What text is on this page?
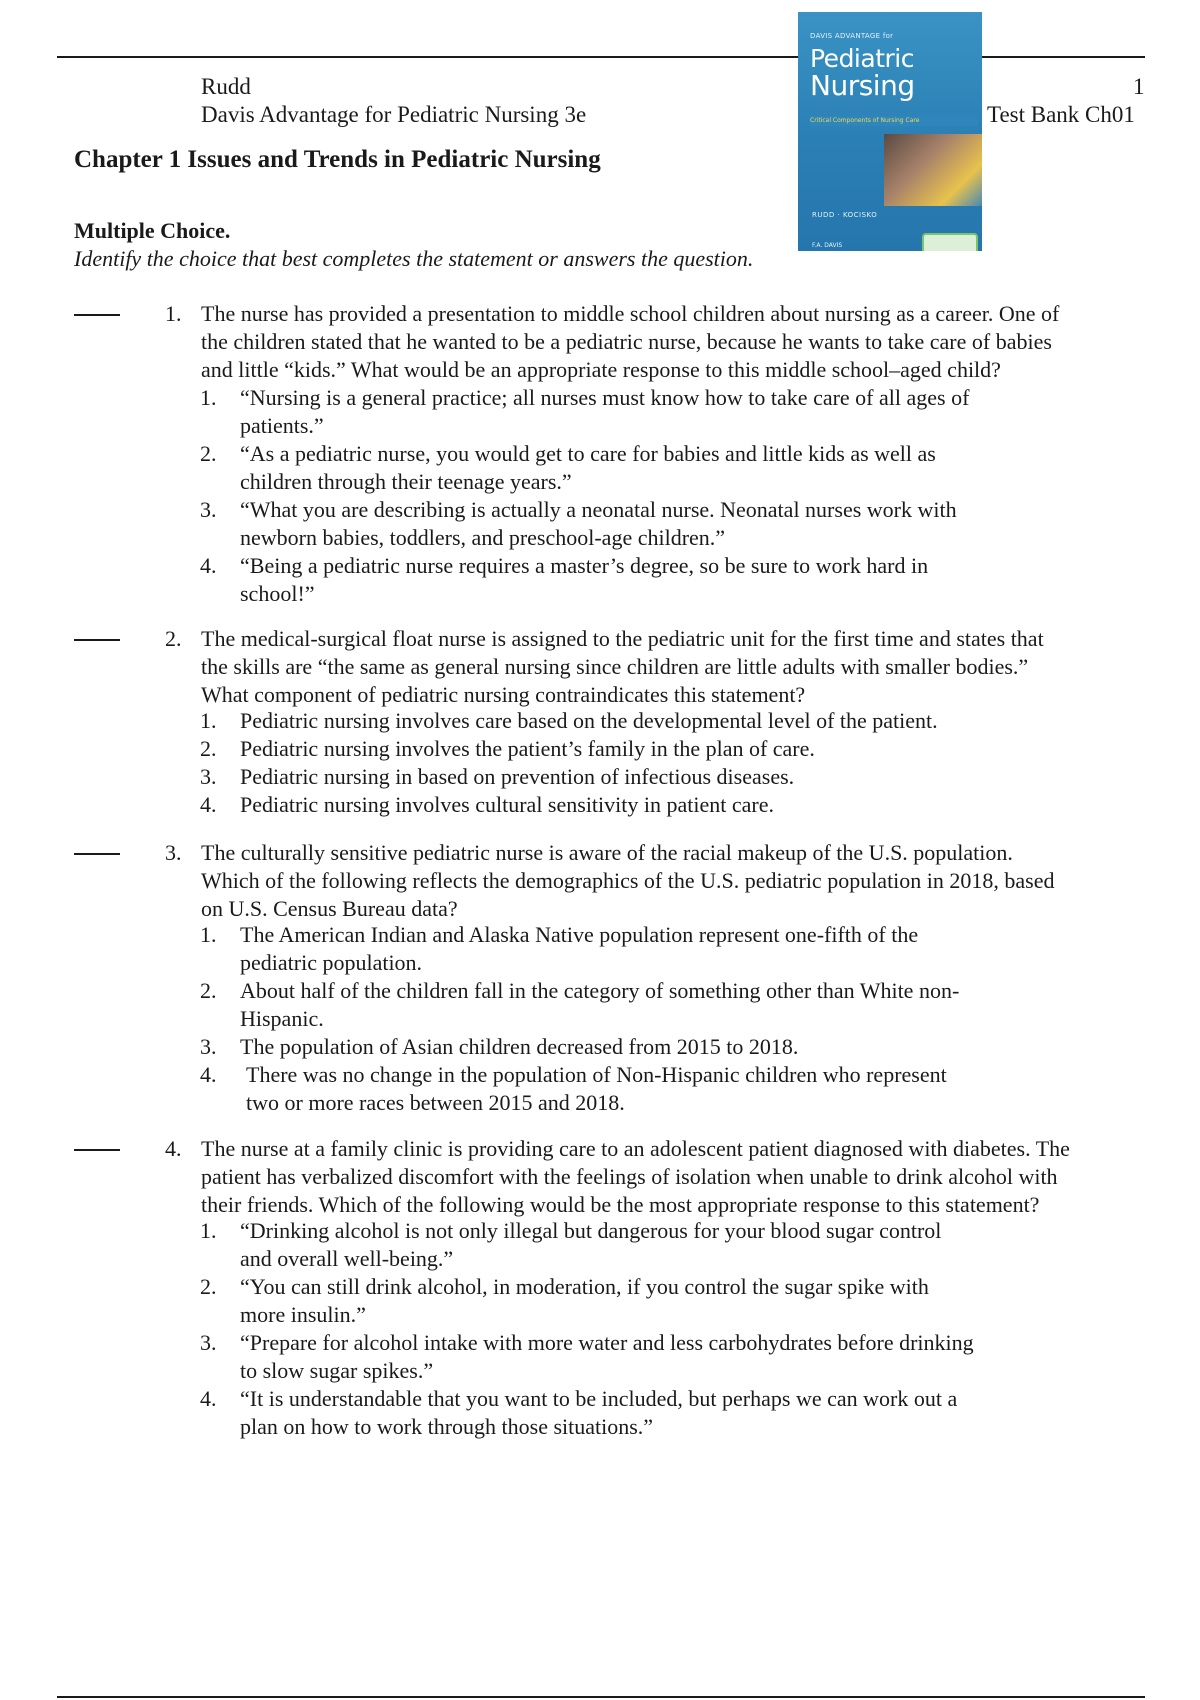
Rudd
Davis Advantage for Pediatric Nursing 3e
1
Test Bank Ch01
DAVIS ADVANTAGE for
Pediatric
Nursing
Critical Components of Nursing Care
RUDD · KOCISKO
F.A. DAVIS
Chapter 1 Issues and Trends in Pediatric Nursing
Multiple Choice.
Identify the choice that best completes the statement or answers the question.
1. The nurse has provided a presentation to middle school children about nursing as a career. One of
the children stated that he wanted to be a pediatric nurse, because he wants to take care of babies
and little “kids.” What would be an appropriate response to this middle school–aged child?
1. “Nursing is a general practice; all nurses must know how to take care of all ages of
patients.”
2. “As a pediatric nurse, you would get to care for babies and little kids as well as
children through their teenage years.”
3. “What you are describing is actually a neonatal nurse. Neonatal nurses work with
newborn babies, toddlers, and preschool-age children.”
4. “Being a pediatric nurse requires a master’s degree, so be sure to work hard in
school!”
2. The medical-surgical float nurse is assigned to the pediatric unit for the first time and states that
the skills are “the same as general nursing since children are little adults with smaller bodies.”
What component of pediatric nursing contraindicates this statement?
1. Pediatric nursing involves care based on the developmental level of the patient.
2. Pediatric nursing involves the patient’s family in the plan of care.
3. Pediatric nursing in based on prevention of infectious diseases.
4. Pediatric nursing involves cultural sensitivity in patient care.
3. The culturally sensitive pediatric nurse is aware of the racial makeup of the U.S. population.
Which of the following reflects the demographics of the U.S. pediatric population in 2018, based
on U.S. Census Bureau data?
1. The American Indian and Alaska Native population represent one-fifth of the
pediatric population.
2. About half of the children fall in the category of something other than White non-
Hispanic.
3. The population of Asian children decreased from 2015 to 2018.
4. There was no change in the population of Non-Hispanic children who represent
two or more races between 2015 and 2018.
4. The nurse at a family clinic is providing care to an adolescent patient diagnosed with diabetes. The
patient has verbalized discomfort with the feelings of isolation when unable to drink alcohol with
their friends. Which of the following would be the most appropriate response to this statement?
1. “Drinking alcohol is not only illegal but dangerous for your blood sugar control
and overall well-being.”
2. “You can still drink alcohol, in moderation, if you control the sugar spike with
more insulin.”
3. “Prepare for alcohol intake with more water and less carbohydrates before drinking
to slow sugar spikes.”
4. “It is understandable that you want to be included, but perhaps we can work out a
plan on how to work through those situations.”
